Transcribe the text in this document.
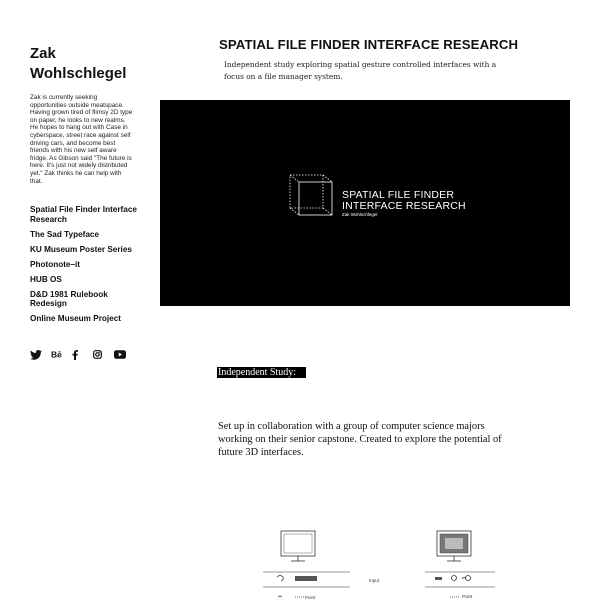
Zak
Wohlschlegel

Zak is currently seeking opportunities outside meatspace. Having grown tired of flimsy 2D type on paper, he looks to new realms. He hopes to hang out with Case in cyberspace, street race against self driving cars, and become best friends with his new self aware fridge. As Gibson said "The future is here. It's just not widely distributed yet." Zak thinks he can help with that.

Spatial File Finder Interface Research
The Sad Typeface
KU Museum Poster Series
Photonote–it
HUB OS
D&D 1981 Rulebook Redesign
Online Museum Project
Bē
SPATIAL FILE FINDER INTERFACE RESEARCH

Independent study exploring spatial gesture controlled interfaces with a focus on a file manager system.

SPATIAL FILE FINDER INTERFACE RESEARCH
Zak Wohlschlegel
Independent Study:

Set up in collaboration with a group of computer science majors working on their senior capstone. Created to explore the potential of future 3D interfaces.

Input
Point	Point
